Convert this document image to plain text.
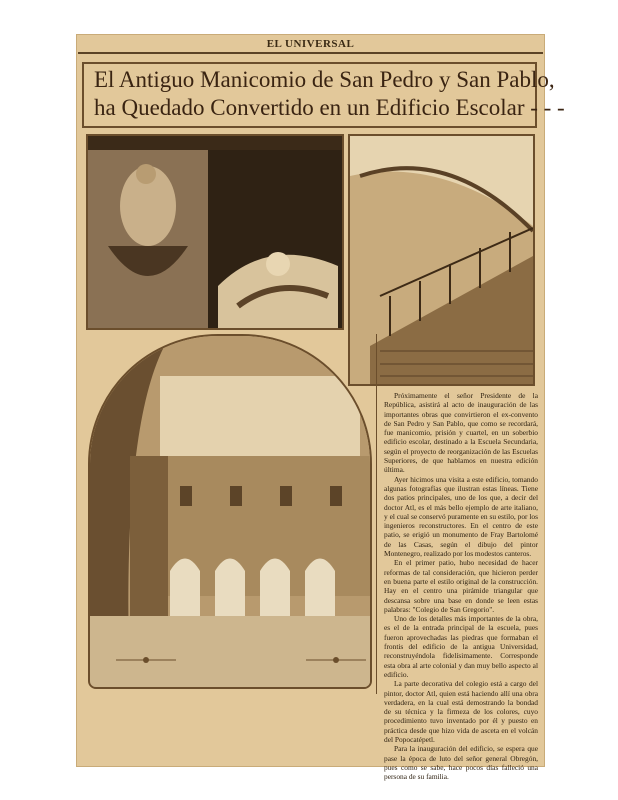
EL UNIVERSAL
El Antiguo Manicomio de San Pedro y San Pablo,
ha Quedado Convertido en un Edificio Escolar - - -

Próximamente el señor Presidente de la República, asistirá al acto de inauguración de las importantes obras que convirtieron el ex-convento de San Pedro y San Pablo, que como se recordará, fue manicomio, prisión y cuartel, en un soberbio edificio escolar, destinado a la Escuela Secundaria, según el proyecto de reorganización de las Escuelas Superiores, de que hablamos en nuestra edición última.

Ayer hicimos una visita a este edificio, tomando algunas fotografías que ilustran estas líneas. Tiene dos patios principales, uno de los que, a decir del doctor Atl, es el más bello ejemplo de arte italiano, y el cual se conservó puramente en su estilo, por los ingenieros reconstructores. En el centro de este patio, se erigió un monumento de Fray Bartolomé de las Casas, según el dibujo del pintor Montenegro, realizado por los modestos canteros.

En el primer patio, hubo necesidad de hacer reformas de tal consideración, que hicieron perder en buena parte el estilo original de la construcción. Hay en el centro una pirámide triangular que descansa sobre una base en donde se leen estas palabras: "Colegio de San Gregorio".

Uno de los detalles más importantes de la obra, es el de la entrada principal de la escuela, pues fueron aprovechadas las piedras que formaban el frontis del edificio de la antigua Universidad, reconstruyéndola fidelísimamente. Corresponde esta obra al arte colonial y dan muy bello aspecto al edificio.

La parte decorativa del colegio está a cargo del pintor, doctor Atl, quien está haciendo allí una obra verdadera, en la cual está demostrando la bondad de su técnica y la firmeza de los colores, cuyo procedimiento tuvo inventado por él y puesto en práctica desde que hizo vida de asceta en el volcán del Popocatépetl.

Para la inauguración del edificio, se espera que pase la época de luto del señor general Obregón, pues como se sabe, hace pocos días falleció una persona de su familia.
